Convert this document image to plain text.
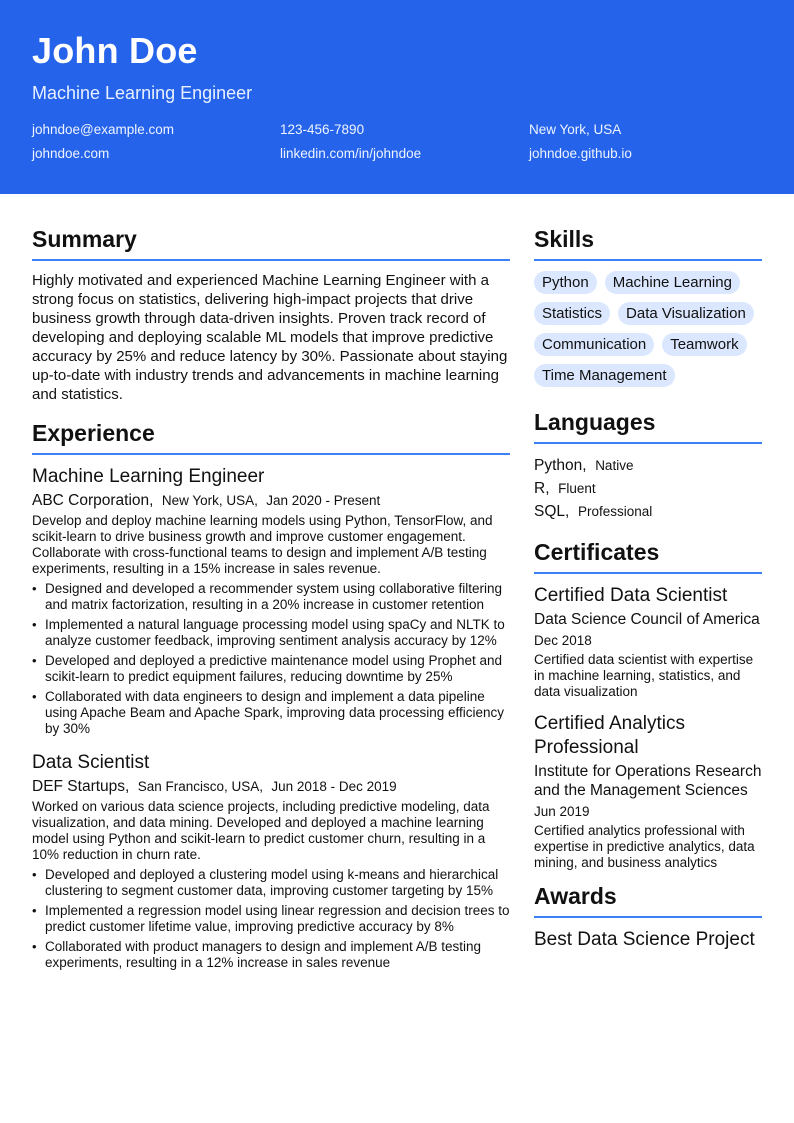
John Doe
Machine Learning Engineer
johndoe@example.com	123-456-7890	New York, USA
johndoe.com	linkedin.com/in/johndoe	johndoe.github.io
Summary

Highly motivated and experienced Machine Learning Engineer with a strong focus on statistics, delivering high-impact projects that drive business growth through data-driven insights. Proven track record of developing and deploying scalable ML models that improve predictive accuracy by 25% and reduce latency by 30%. Passionate about staying up-to-date with industry trends and advancements in machine learning and statistics.

Experience
Machine Learning Engineer
ABC Corporation, New York, USA, Jan 2020 - Present

Develop and deploy machine learning models using Python, TensorFlow, and scikit-learn to drive business growth and improve customer engagement. Collaborate with cross-functional teams to design and implement A/B testing experiments, resulting in a 15% increase in sales revenue.

• Designed and developed a recommender system using collaborative filtering and matrix factorization, resulting in a 20% increase in customer retention
• Implemented a natural language processing model using spaCy and NLTK to analyze customer feedback, improving sentiment analysis accuracy by 12%
• Developed and deployed a predictive maintenance model using Prophet and scikit-learn to predict equipment failures, reducing downtime by 25%
• Collaborated with data engineers to design and implement a data pipeline using Apache Beam and Apache Spark, improving data processing efficiency by 30%
Data Scientist
DEF Startups, San Francisco, USA, Jun 2018 - Dec 2019

Worked on various data science projects, including predictive modeling, data visualization, and data mining. Developed and deployed a machine learning model using Python and scikit-learn to predict customer churn, resulting in a 10% reduction in churn rate.

• Developed and deployed a clustering model using k-means and hierarchical clustering to segment customer data, improving customer targeting by 15%
• Implemented a regression model using linear regression and decision trees to predict customer lifetime value, improving predictive accuracy by 8%
• Collaborated with product managers to design and implement A/B testing experiments, resulting in a 12% increase in sales revenue
Skills
Python	Machine Learning
Statistics	Data Visualization
Communication	Teamwork
Time Management
Languages
Python, Native
R, Fluent
SQL, Professional
Certificates
Certified Data Scientist
Data Science Council of America
Dec 2018
Certified data scientist with expertise in machine learning, statistics, and data visualization
Certified Analytics Professional
Institute for Operations Research and the Management Sciences
Jun 2019
Certified analytics professional with expertise in predictive analytics, data mining, and business analytics
Awards
Best Data Science Project
